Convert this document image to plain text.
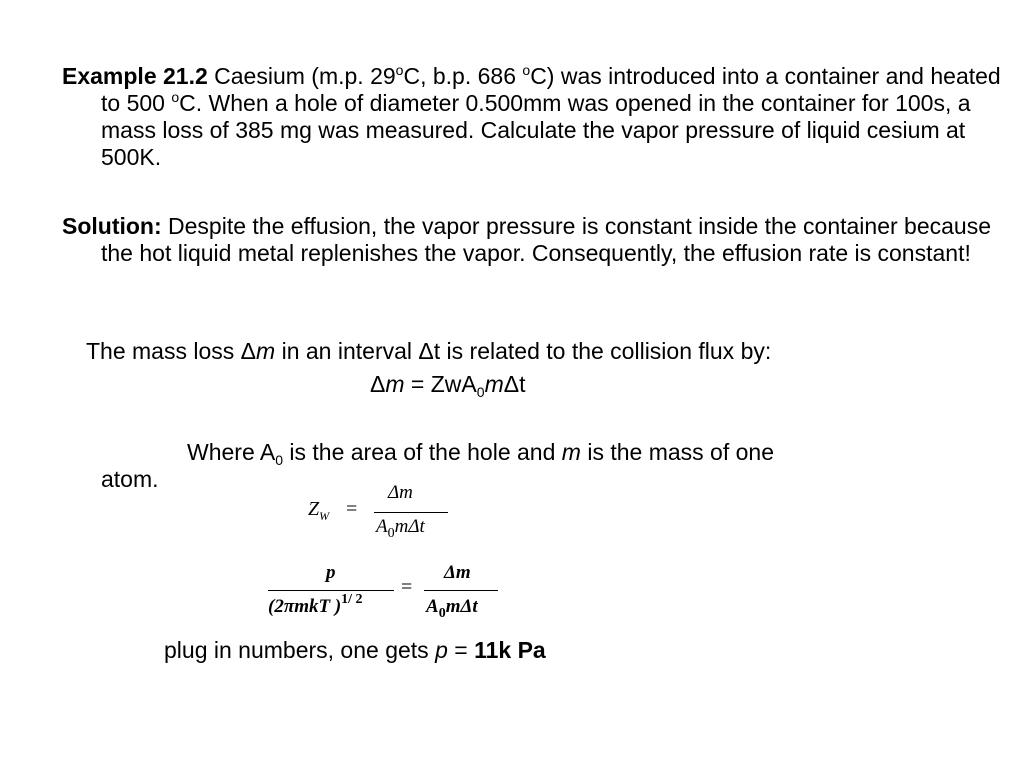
Example 21.2 Caesium (m.p. 29$^o$C, b.p. 686 $^o$C) was introduced into a container and heated to 500 $^o$C. When a hole of diameter 0.500mm was opened in the container for 100s, a mass loss of 385 mg was measured. Calculate the vapor pressure of liquid cesium at 500K.
Solution: Despite the effusion, the vapor pressure is constant inside the container because the hot liquid metal replenishes the vapor. Consequently, the effusion rate is constant!
The mass loss Δm in an interval Δt is related to the collision flux by:
Δm = ZwA$_0$mΔt
Where $A_0$ is the area of the hole and m is the mass of one
atom.
$Z_W$ =
Δm
$A_0m\Delta t$
p
(2πmkT )$^{1/ 2}$
=
Δm
$A_0m\Delta t$
plug in numbers, one gets p = 11k Pa
